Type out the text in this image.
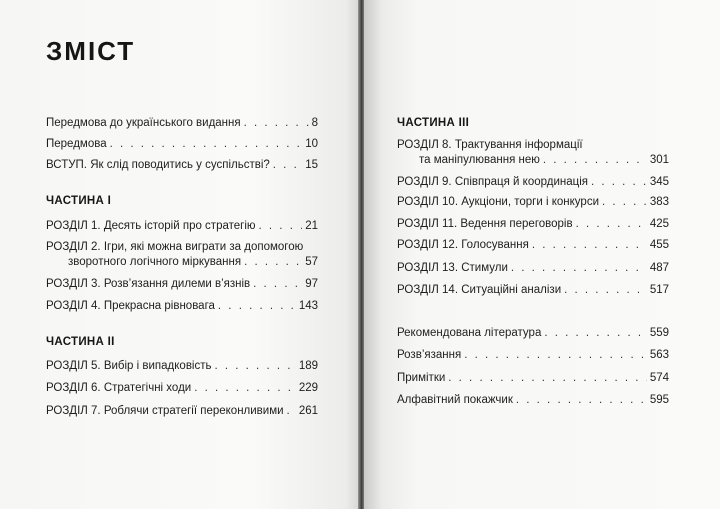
ЗМІСТ
Передмова до українського видання . . .	8
Передмова . . .	10
ВСТУП. Як слід поводитись у суспільстві? . . .	15
ЧАСТИНА І
РОЗДІЛ 1. Десять історій про стратегію . . .	21
РОЗДІЛ 2. Ігри, які можна виграти за допомогою
зворотного логічного міркування . . .	57
РОЗДІЛ 3. Розв’язання дилеми в’язнів . . .	97
РОЗДІЛ 4. Прекрасна рівновага . . .	143
ЧАСТИНА ІІ
РОЗДІЛ 5. Вибір і випадковість . . .	189
РОЗДІЛ 6. Стратегічні ходи . . .	229
РОЗДІЛ 7. Роблячи стратегії переконливими . . . 261
ЧАСТИНА ІІІ
РОЗДІЛ 8. Трактування інформації
та маніпулювання нею . . .	301
РОЗДІЛ 9. Співпраця й координація . . .	345
РОЗДІЛ 10. Аукціони, торги і конкурси . . .	383
РОЗДІЛ 11. Ведення переговорів . . .	425
РОЗДІЛ 12. Голосування . . .	455
РОЗДІЛ 13. Стимули . . .	487
РОЗДІЛ 14. Ситуаційні аналізи . . .	517
Рекомендована література . . .	559
Розв’язання . . .	563
Примітки . . .	574
Алфавітний покажчик . . .	595
